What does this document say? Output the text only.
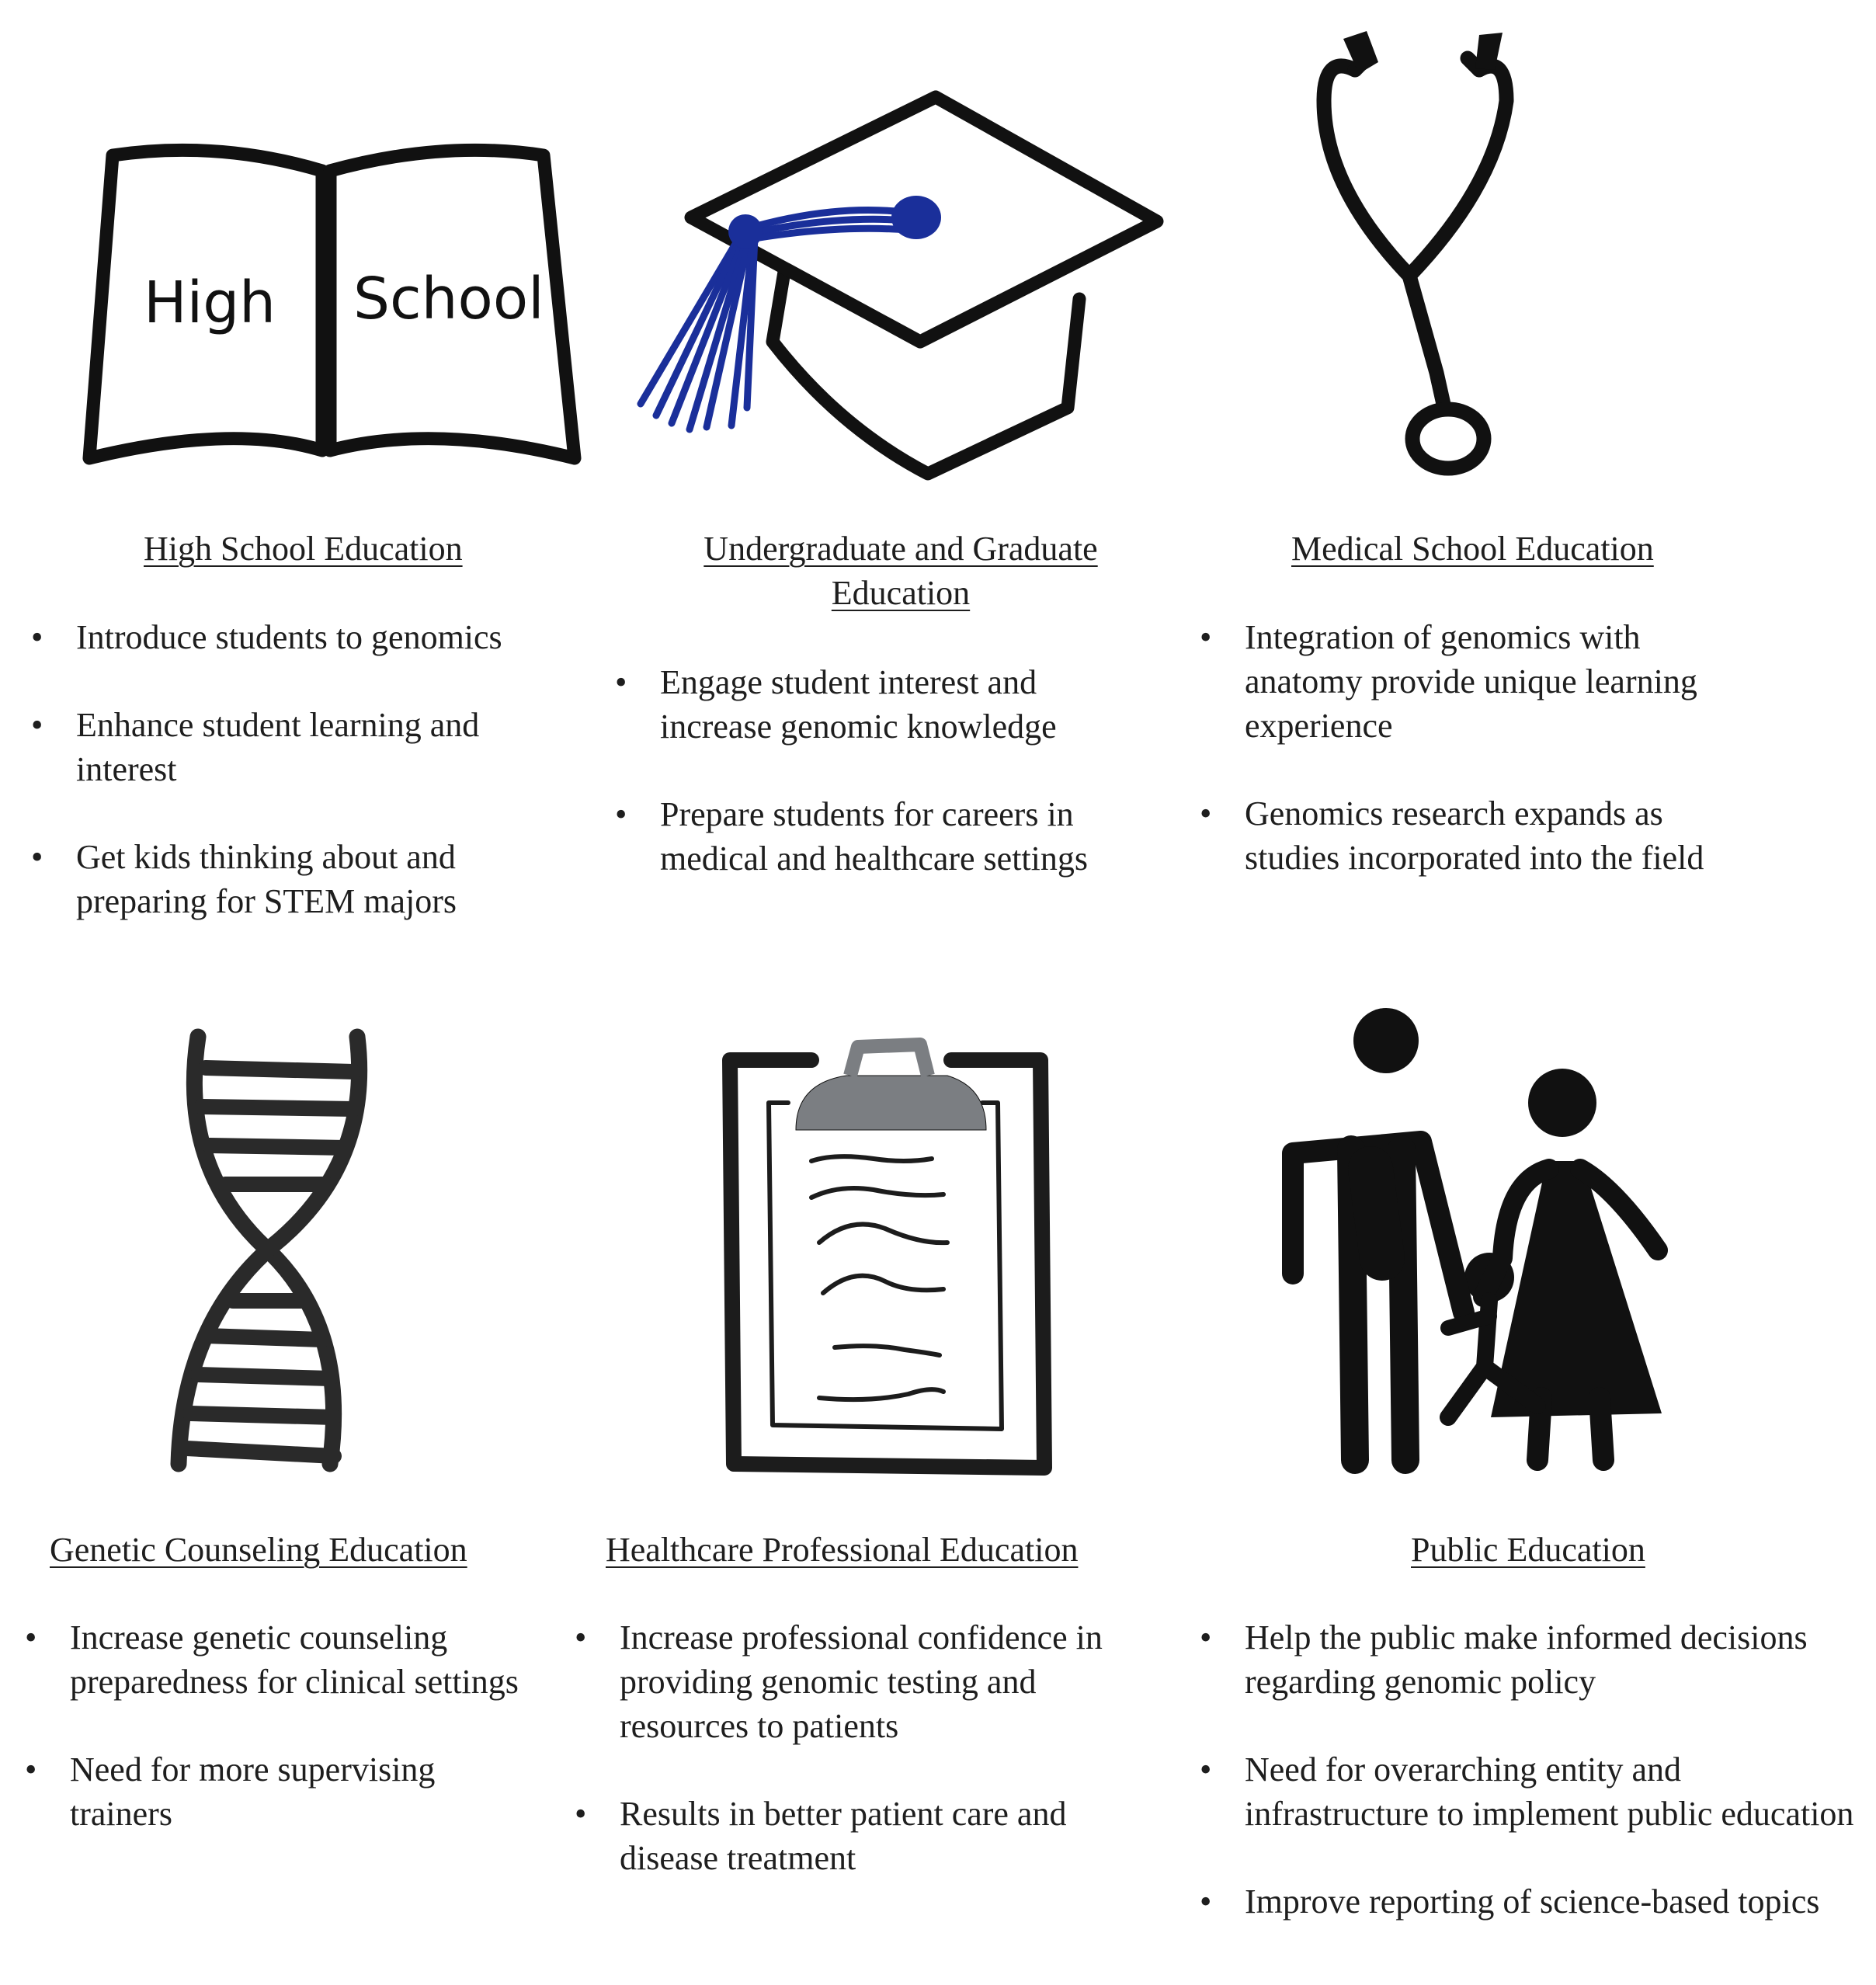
High School
High School Education	Undergraduate and Graduate Education
Medical School Education
Genetic Counseling Education	Healthcare Professional Education	Public Education
• Introduce students to genomics
• Enhance student learning and interest
• Get kids thinking about and preparing for STEM majors
• Engage student interest and increase genomic knowledge
• Prepare students for careers in medical and healthcare settings
• Integration of genomics with anatomy provide unique learning experience
• Genomics research expands as studies incorporated into the field
• Increase genetic counseling preparedness for clinical settings
• Need for more supervising trainers
• Increase professional confidence in providing genomic testing and resources to patients
• Results in better patient care and disease treatment
• Help the public make informed decisions regarding genomic policy
• Need for overarching entity and infrastructure to implement public education
• Improve reporting of science-based topics
